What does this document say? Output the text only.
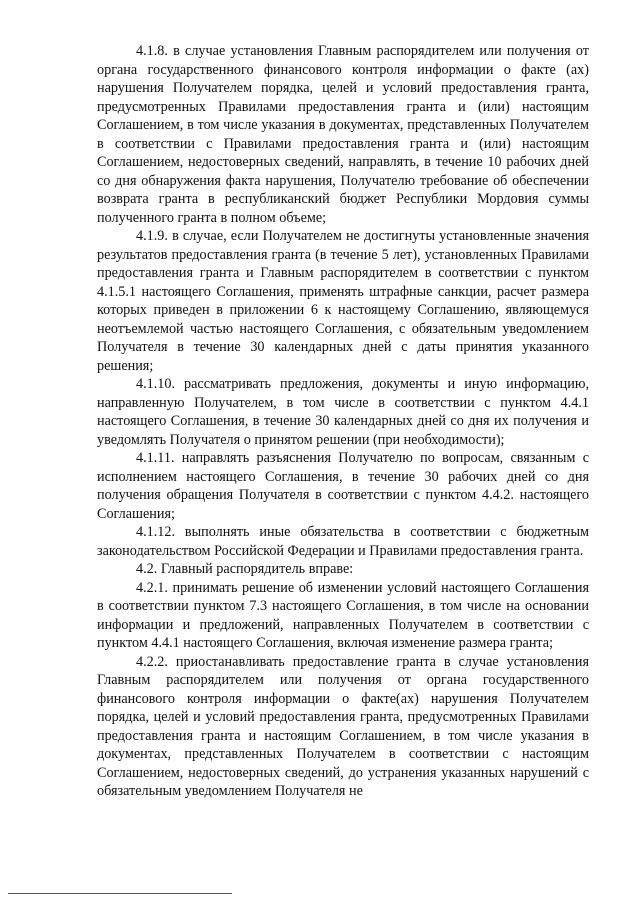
4.1.8. в случае установления Главным распорядителем или получения от органа государственного финансового контроля информации о факте (ах) нарушения Получателем порядка, целей и условий предоставления гранта, предусмотренных Правилами предоставления гранта и (или) настоящим Соглашением, в том числе указания в документах, представленных Получателем в соответствии с Правилами предоставления гранта и (или) настоящим Соглашением, недостоверных сведений, направлять, в течение 10 рабочих дней со дня обнаружения факта нарушения, Получателю требование об обеспечении возврата гранта в республиканский бюджет Республики Мордовия суммы полученного гранта в полном объеме;

4.1.9. в случае, если Получателем не достигнуты установленные значения результатов предоставления гранта (в течение 5 лет), установленных Правилами предоставления гранта и Главным распорядителем в соответствии с пунктом 4.1.5.1 настоящего Соглашения, применять штрафные санкции, расчет размера которых приведен в приложении 6 к настоящему Соглашению, являющемуся неотъемлемой частью настоящего Соглашения, с обязательным уведомлением Получателя в течение 30 календарных дней с даты принятия указанного решения;

4.1.10. рассматривать предложения, документы и иную информацию, направленную Получателем, в том числе в соответствии с пунктом 4.4.1 настоящего Соглашения, в течение 30 календарных дней со дня их получения и уведомлять Получателя о принятом решении (при необходимости);

4.1.11. направлять разъяснения Получателю по вопросам, связанным с исполнением настоящего Соглашения, в течение 30 рабочих дней со дня получения обращения Получателя в соответствии с пунктом 4.4.2. настоящего Соглашения;

4.1.12. выполнять иные обязательства в соответствии с бюджетным законодательством Российской Федерации и Правилами предоставления гранта.

4.2. Главный распорядитель вправе:

4.2.1. принимать решение об изменении условий настоящего Соглашения в соответствии пунктом 7.3 настоящего Соглашения, в том числе на основании информации и предложений, направленных Получателем в соответствии с пунктом 4.4.1 настоящего Соглашения, включая изменение размера гранта;

4.2.2. приостанавливать предоставление гранта в случае установления Главным распорядителем или получения от органа государственного финансового контроля информации о факте(ах) нарушения Получателем порядка, целей и условий предоставления гранта, предусмотренных Правилами предоставления гранта и настоящим Соглашением, в том числе указания в документах, представленных Получателем в соответствии с настоящим Соглашением, недостоверных сведений, до устранения указанных нарушений с обязательным уведомлением Получателя не
